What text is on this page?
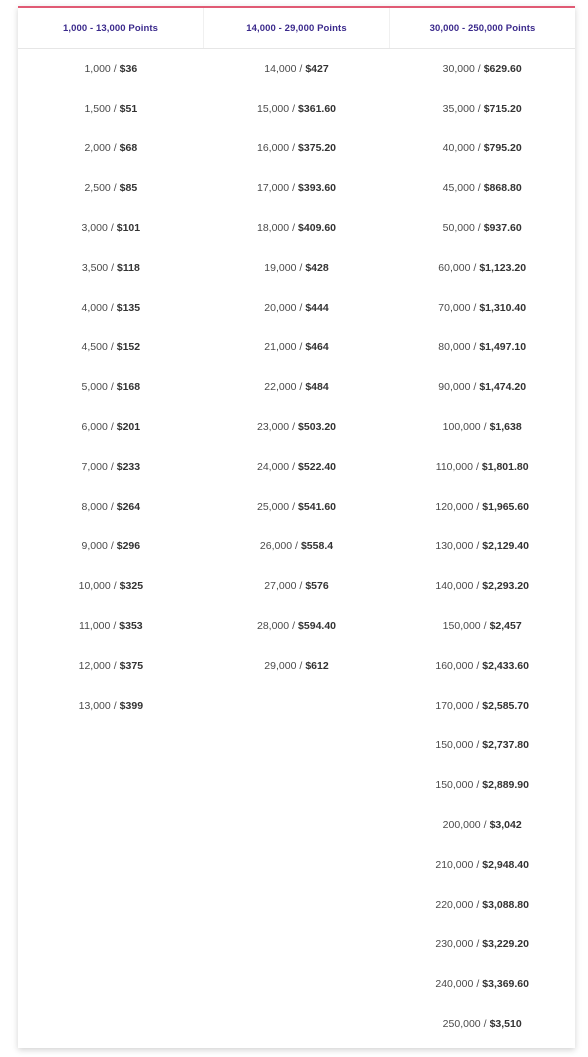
1,000 - 13,000 Points	14,000 - 29,000 Points	30,000 - 250,000 Points
1,000 / $36
1,500 / $51
2,000 / $68
2,500 / $85
3,000 / $101
3,500 / $118
4,000 / $135
4,500 / $152
5,000 / $168
6,000 / $201
7,000 / $233
8,000 / $264
9,000 / $296
10,000 / $325
11,000 / $353
12,000 / $375
13,000 / $399
14,000 / $427
15,000 / $361.60
16,000 / $375.20
17,000 / $393.60
18,000 / $409.60
19,000 / $428
20,000 / $444
21,000 / $464
22,000 / $484
23,000 / $503.20
24,000 / $522.40
25,000 / $541.60
26,000 / $558.4
27,000 / $576
28,000 / $594.40
29,000 / $612
30,000 / $629.60
35,000 / $715.20
40,000 / $795.20
45,000 / $868.80
50,000 / $937.60
60,000 / $1,123.20
70,000 / $1,310.40
80,000 / $1,497.10
90,000 / $1,474.20
100,000 / $1,638
110,000 / $1,801.80
120,000 / $1,965.60
130,000 / $2,129.40
140,000 / $2,293.20
150,000 / $2,457
160,000 / $2,433.60
170,000 / $2,585.70
150,000 / $2,737.80
150,000 / $2,889.90
200,000 / $3,042
210,000 / $2,948.40
220,000 / $3,088.80
230,000 / $3,229.20
240,000 / $3,369.60
250,000 / $3,510
